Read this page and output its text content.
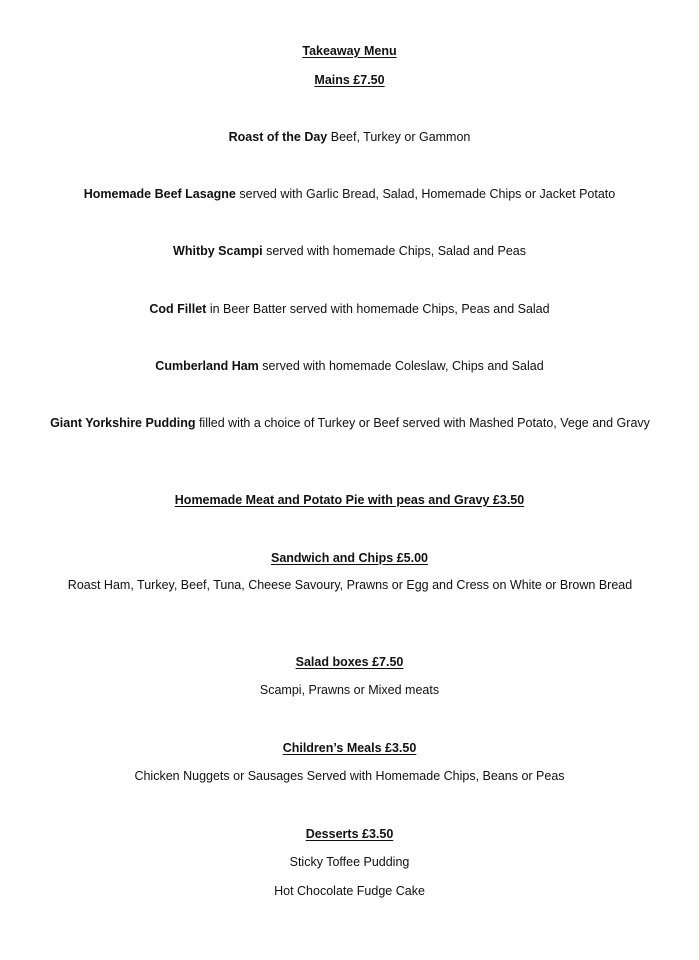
Takeaway Menu
Mains £7.50
Roast of the Day Beef, Turkey or Gammon
Homemade Beef Lasagne served with Garlic Bread, Salad, Homemade Chips or Jacket Potato
Whitby Scampi served with homemade Chips, Salad and Peas
Cod Fillet in Beer Batter served with homemade Chips, Peas and Salad
Cumberland Ham served with homemade Coleslaw, Chips and Salad
Giant Yorkshire Pudding filled with a choice of Turkey or Beef served with Mashed Potato, Vege and Gravy
Homemade Meat and Potato Pie with peas and Gravy £3.50
Sandwich and Chips £5.00
Roast Ham, Turkey, Beef, Tuna, Cheese Savoury, Prawns or Egg and Cress on White or Brown Bread
Salad boxes £7.50
Scampi, Prawns or Mixed meats
Children’s Meals £3.50
Chicken Nuggets or Sausages Served with Homemade Chips, Beans or Peas
Desserts £3.50
Sticky Toffee Pudding
Hot Chocolate Fudge Cake
